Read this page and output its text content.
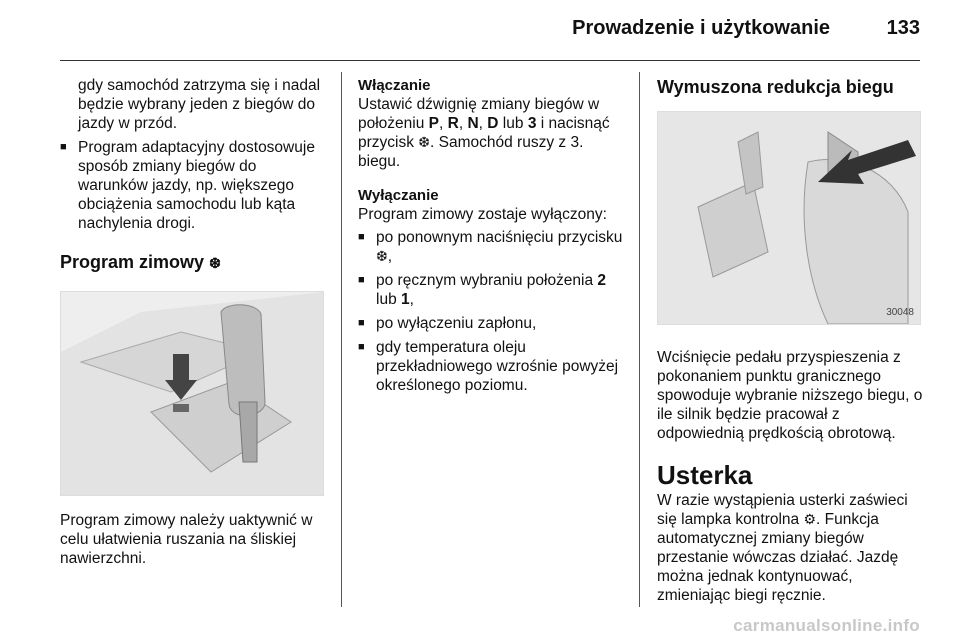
Prowadzenie i użytkowanie	133

gdy samochód zatrzyma się i nadal będzie wybrany jeden z biegów do jazdy w przód.

■ Program adaptacyjny dostosowuje sposób zmiany biegów do warunków jazdy, np. większego obciążenia samochodu lub kąta nachylenia drogi.
Program zimowy ❆

Program zimowy należy uaktywnić w celu ułatwienia ruszania na śliskiej nawierzchni.

Włączanie

Ustawić dźwignię zmiany biegów w położeniu P, R, N, D lub 3 i nacisnąć przycisk ❆. Samochód ruszy z 3. biegu.

Wyłączanie

Program zimowy zostaje wyłączony:

■ po ponownym naciśnięciu przycisku ❆,
■ po ręcznym wybraniu położenia 2 lub 1,
■ po wyłączeniu zapłonu,
■ gdy temperatura oleju przekładniowego wzrośnie powyżej określonego poziomu.
Wymuszona redukcja biegu
30048

Wciśnięcie pedału przyspieszenia z pokonaniem punktu granicznego spowoduje wybranie niższego biegu, o ile silnik będzie pracował z odpowiednią prędkością obrotową.

Usterka

W razie wystąpienia usterki zaświeci się lampka kontrolna ⚙. Funkcja automatycznej zmiany biegów przestanie wówczas działać. Jazdę można jednak kontynuować, zmieniając biegi ręcznie.

carmanualsonline.info
